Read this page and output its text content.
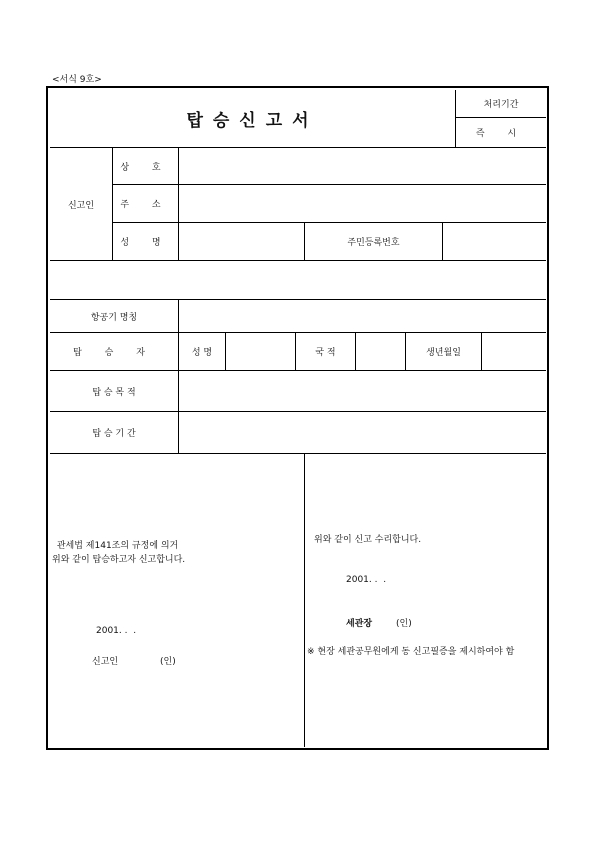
<서식 9호>
탑승신고서
처리기간
즉 시
신고인
상 호
주 소
성 명	주민등록번호
항공기 명칭
탑 승 자	성 명	국 적	생년월일
탑 승 목 적
탑 승 기 간
관세법 제141조의 규정에 의거
위와 같이 탑승하고자 신고합니다.
2001. .  .
신고인	(인)
위와 같이 신고 수리합니다.
2001. .  .
세관장	(인)
※ 현장 세관공무원에게 동 신고필증을 제시하여야 함
